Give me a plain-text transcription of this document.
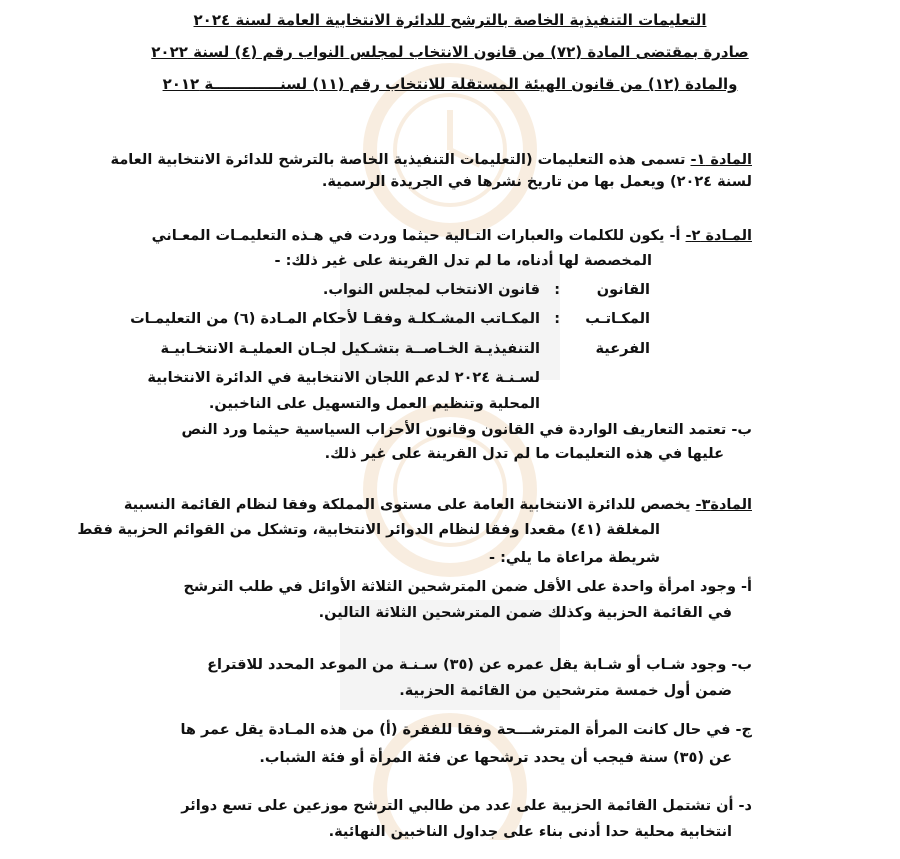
التعليمات التنفيذية الخاصة بالترشح للدائرة الانتخابية العامة لسنة ٢٠٢٤
صادرة بمقتضى المادة (٧٢) من قانون الانتخاب لمجلس النواب رقم (٤) لسنة ٢٠٢٢
والمادة (١٢) من قانون الهيئة المستقلة للانتخاب رقم (١١) لسنـــــــــــــة ٢٠١٢
المادة ١- تسمى هذه التعليمات (التعليمات التنفيذية الخاصة بالترشح للدائرة الانتخابية العامة
لسنة ٢٠٢٤) ويعمل بها من تاريخ نشرها في الجريدة الرسمية.
المـادة ٢- أ- يكون للكلمات والعبارات التـالية حيثما وردت في هـذه التعليمـات المعـاني
المخصصة لها أدناه، ما لم تدل القرينة على غير ذلك: -
القانون
:
قانون الانتخاب لمجلس النواب.
المكـاتـب
الفرعية
:
المكـاتب المشـكلـة وفقـا لأحكام المـادة (٦) من التعليمـات
التنفيذيـة الخـاصــة بتشـكيل لجـان العمليـة الانتخـابيـة
لسـنـة ٢٠٢٤ لدعم اللجان الانتخابية في الدائرة الانتخابية
المحلية وتنظيم العمل والتسهيل على الناخبين.
ب- تعتمد التعاريف الواردة في القانون وقانون الأحزاب السياسية حيثما ورد النص
عليها في هذه التعليمات ما لم تدل القرينة على غير ذلك.
المادة٣- يخصص للدائرة الانتخابية العامة على مستوى المملكة وفقا لنظام القائمة النسبية
المغلقة (٤١) مقعدا وفقا لنظام الدوائر الانتخابية، وتشكل من القوائم الحزبية فقط
شريطة مراعاة ما يلي: -
أ- وجود امرأة واحدة على الأقل ضمن المترشحين الثلاثة الأوائل في طلب الترشح
في القائمة الحزبية وكذلك ضمن المترشحين الثلاثة التالين.
ب- وجود شـاب أو شـابة يقل عمره عن (٣٥) سـنـة من الموعد المحدد للاقتراع
ضمن أول خمسة مترشحين من القائمة الحزبية.
ج- في حال كانت المرأة المترشـــحة وفقا للفقرة (أ) من هذه المـادة يقل عمر ها
عن (٣٥) سنة فيجب أن يحدد ترشحها عن فئة المرأة أو فئة الشباب.
د- أن تشتمل القائمة الحزبية على عدد من طالبي الترشح موزعين على تسع دوائر
انتخابية محلية حدا أدنى بناء على جداول الناخبين النهائية.
